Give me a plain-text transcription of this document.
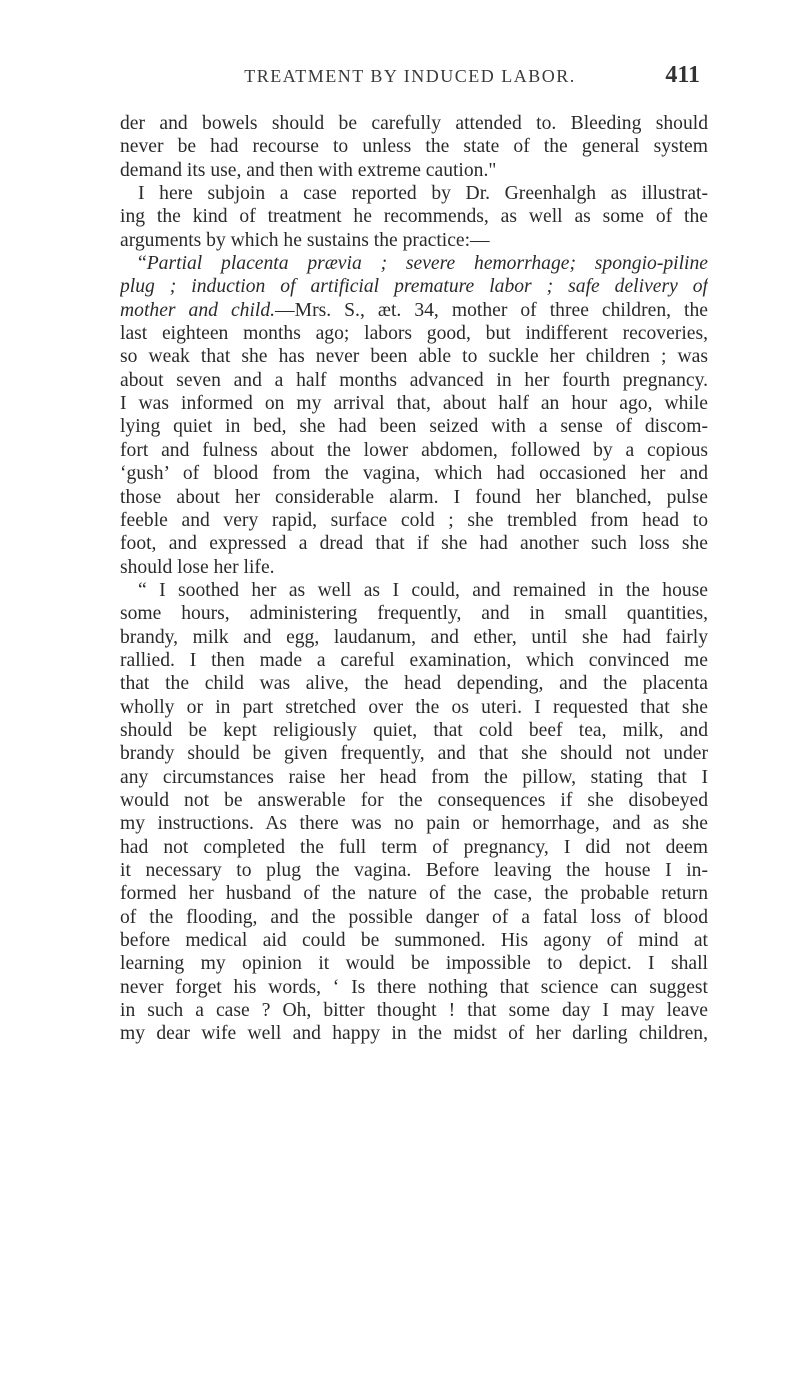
TREATMENT BY INDUCED LABOR.	411
der and bowels should be carefully attended to. Bleeding should
never be had recourse to unless the state of the general system
demand its use, and then with extreme caution."
I here subjoin a case reported by Dr. Greenhalgh as illustrat-
ing the kind of treatment he recommends, as well as some of the
arguments by which he sustains the practice:—
“Partial placenta prævia ; severe hemorrhage; spongio-piline
plug ; induction of artificial premature labor ; safe delivery of
mother and child.—Mrs. S., æt. 34, mother of three children, the
last eighteen months ago; labors good, but indifferent recoveries,
so weak that she has never been able to suckle her children ; was
about seven and a half months advanced in her fourth pregnancy.
I was informed on my arrival that, about half an hour ago, while
lying quiet in bed, she had been seized with a sense of discom-
fort and fulness about the lower abdomen, followed by a copious
‘gush’ of blood from the vagina, which had occasioned her and
those about her considerable alarm. I found her blanched, pulse
feeble and very rapid, surface cold ; she trembled from head to
foot, and expressed a dread that if she had another such loss she
should lose her life.
“ I soothed her as well as I could, and remained in the house
some hours, administering frequently, and in small quantities,
brandy, milk and egg, laudanum, and ether, until she had fairly
rallied. I then made a careful examination, which convinced me
that the child was alive, the head depending, and the placenta
wholly or in part stretched over the os uteri. I requested that she
should be kept religiously quiet, that cold beef tea, milk, and
brandy should be given frequently, and that she should not under
any circumstances raise her head from the pillow, stating that I
would not be answerable for the consequences if she disobeyed
my instructions. As there was no pain or hemorrhage, and as she
had not completed the full term of pregnancy, I did not deem
it necessary to plug the vagina. Before leaving the house I in-
formed her husband of the nature of the case, the probable return
of the flooding, and the possible danger of a fatal loss of blood
before medical aid could be summoned. His agony of mind at
learning my opinion it would be impossible to depict. I shall
never forget his words, ‘ Is there nothing that science can suggest
in such a case ? Oh, bitter thought ! that some day I may leave
my dear wife well and happy in the midst of her darling children,
